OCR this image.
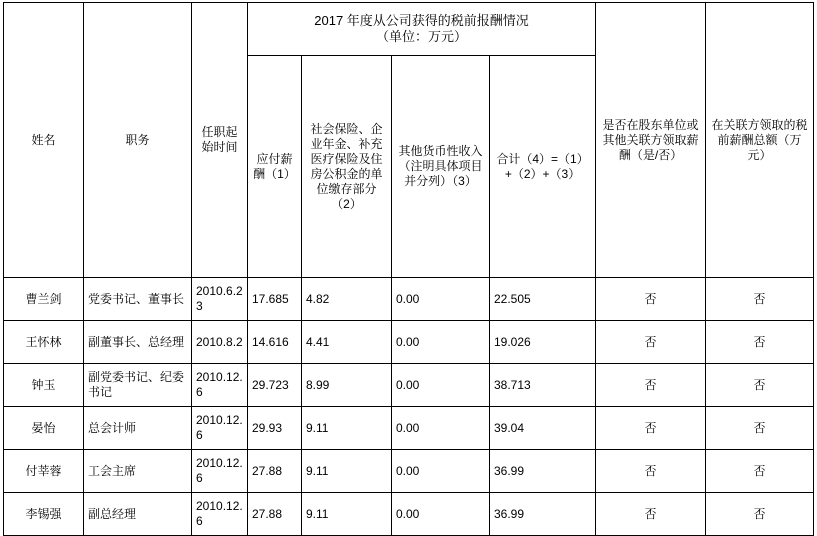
姓名	职务	任职起始时间	2017 年度从公司获得的税前报酬情况
（单位：万元）				是否在股东单位或其他关联方领取薪酬（是/否）	在关联方领取的税前薪酬总额（万元）
			应付薪酬（1）	社会保险、企业年金、补充医疗保险及住房公积金的单位缴存部分（2）	其他货币性收入（注明具体项目并分列）（3）	合计（4）=（1）+（2）+（3）		
曹兰剑	党委书记、董事长	2010.6.23	17.685	4.82	0.00	22.505	否	否
王怀林	副董事长、总经理	2010.8.2	14.616	4.41	0.00	19.026	否	否
钟玉	副党委书记、纪委书记	2010.12.6	29.723	8.99	0.00	38.713	否	否
晏怡	总会计师	2010.12.6	29.93	9.11	0.00	39.04	否	否
付莘蓉	工会主席	2010.12.6	27.88	9.11	0.00	36.99	否	否
李锡强	副总经理	2010.12.6	27.88	9.11	0.00	36.99	否	否
